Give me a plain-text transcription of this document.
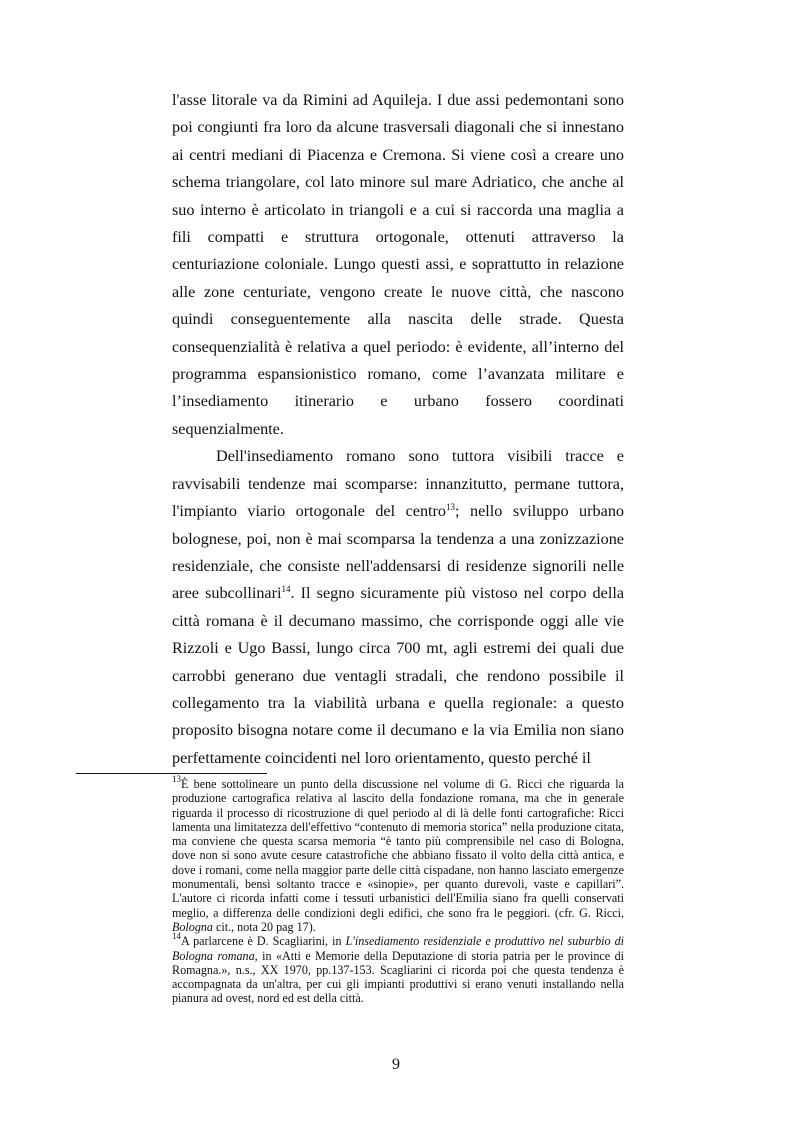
l'asse litorale va da Rimini ad Aquileja. I due assi pedemontani sono poi congiunti fra loro da alcune trasversali diagonali che si innestano ai centri mediani di Piacenza e Cremona. Si viene così a creare uno schema triangolare, col lato minore sul mare Adriatico, che anche al suo interno è articolato in triangoli e a cui si raccorda una maglia a fili compatti e struttura ortogonale, ottenuti attraverso la centuriazione coloniale. Lungo questi assi, e soprattutto in relazione alle zone centuriate, vengono create le nuove città, che nascono quindi conseguentemente alla nascita delle strade. Questa consequenzialità è relativa a quel periodo: è evidente, all’interno del programma espansionistico romano, come l’avanzata militare e l’insediamento itinerario e urbano fossero coordinati sequenzialmente.

Dell'insediamento romano sono tuttora visibili tracce e ravvisabili tendenze mai scomparse: innanzitutto, permane tuttora, l'impianto viario ortogonale del centro$^{13}$; nello sviluppo urbano bolognese, poi, non è mai scomparsa la tendenza a una zonizzazione residenziale, che consiste nell'addensarsi di residenze signorili nelle aree subcollinari$^{14}$. Il segno sicuramente più vistoso nel corpo della città romana è il decumano massimo, che corrisponde oggi alle vie Rizzoli e Ugo Bassi, lungo circa 700 mt, agli estremi dei quali due carrobbi generano due ventagli stradali, che rendono possibile il collegamento tra la viabilità urbana e quella regionale: a questo proposito bisogna notare come il decumano e la via Emilia non siano perfettamente coincidenti nel loro orientamento, questo perché il

$^{13}$È bene sottolineare un punto della discussione nel volume di G. Ricci che riguarda la produzione cartografica relativa al lascito della fondazione romana, ma che in generale riguarda il processo di ricostruzione di quel periodo al di là delle fonti cartografiche: Ricci lamenta una limitatezza dell'effettivo “contenuto di memoria storica” nella produzione citata, ma conviene che questa scarsa memoria “è tanto più comprensibile nel caso di Bologna, dove non si sono avute cesure catastrofiche che abbiano fissato il volto della città antica, e dove i romani, come nella maggior parte delle città cispadane, non hanno lasciato emergenze monumentali, bensì soltanto tracce e «sinopie», per quanto durevoli, vaste e capillari”. L'autore ci ricorda infatti come i tessuti urbanistici dell'Emilia siano fra quelli conservati meglio, a differenza delle condizioni degli edifici, che sono fra le peggiori. (cfr. G. Ricci, Bologna cit., nota 20 pag 17).

$^{14}$A parlarcene è D. Scagliarini, in L'insediamento residenziale e produttivo nel suburbio di Bologna romana, in «Atti e Memorie della Deputazione di storia patria per le province di Romagna.», n.s., XX 1970, pp.137-153. Scagliarini ci ricorda poi che questa tendenza è accompagnata da un'altra, per cui gli impianti produttivi si erano venuti installando nella pianura ad ovest, nord ed est della città.

9
